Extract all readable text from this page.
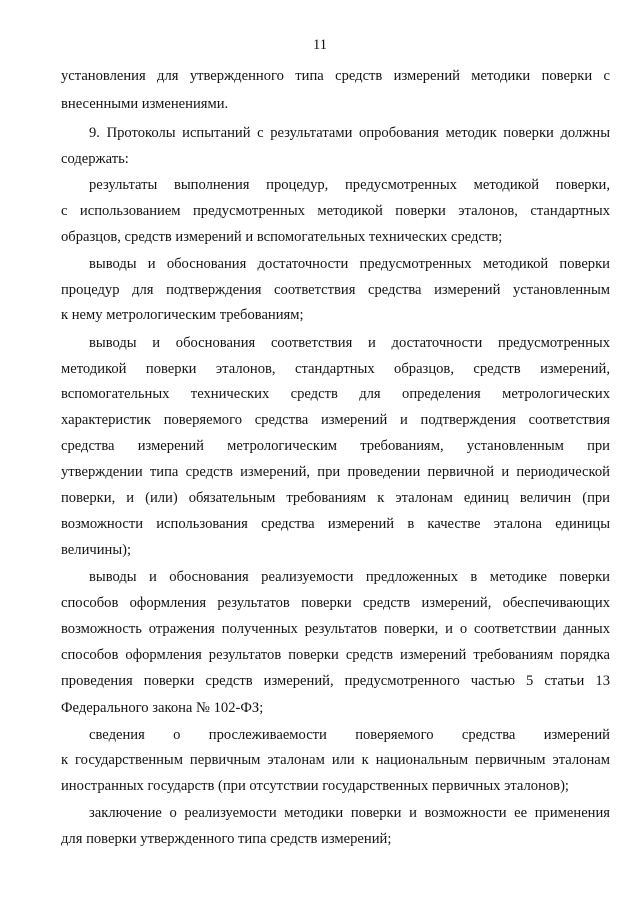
11
установления для утвержденного типа средств измерений методики поверки с
внесенными изменениями.
9. Протоколы испытаний с результатами опробования методик поверки должны
содержать:
результаты выполнения процедур, предусмотренных методикой поверки,
с использованием предусмотренных методикой поверки эталонов, стандартных
образцов, средств измерений и вспомогательных технических средств;
выводы и обоснования достаточности предусмотренных методикой поверки
процедур для подтверждения соответствия средства измерений установленным
к нему метрологическим требованиям;
выводы и обоснования соответствия и достаточности предусмотренных
методикой поверки эталонов, стандартных образцов, средств измерений,
вспомогательных технических средств для определения метрологических
характеристик поверяемого средства измерений и подтверждения соответствия
средства измерений метрологическим требованиям, установленным при
утверждении типа средств измерений, при проведении первичной и периодической
поверки, и (или) обязательным требованиям к эталонам единиц величин (при
возможности использования средства измерений в качестве эталона единицы
величины);
выводы и обоснования реализуемости предложенных в методике поверки
способов оформления результатов поверки средств измерений, обеспечивающих
возможность отражения полученных результатов поверки, и о соответствии данных
способов оформления результатов поверки средств измерений требованиям порядка
проведения поверки средств измерений, предусмотренного частью 5 статьи 13
Федерального закона № 102-ФЗ;
сведения о прослеживаемости поверяемого средства измерений
к государственным первичным эталонам или к национальным первичным эталонам
иностранных государств (при отсутствии государственных первичных эталонов);
заключение о реализуемости методики поверки и возможности ее применения
для поверки утвержденного типа средств измерений;
